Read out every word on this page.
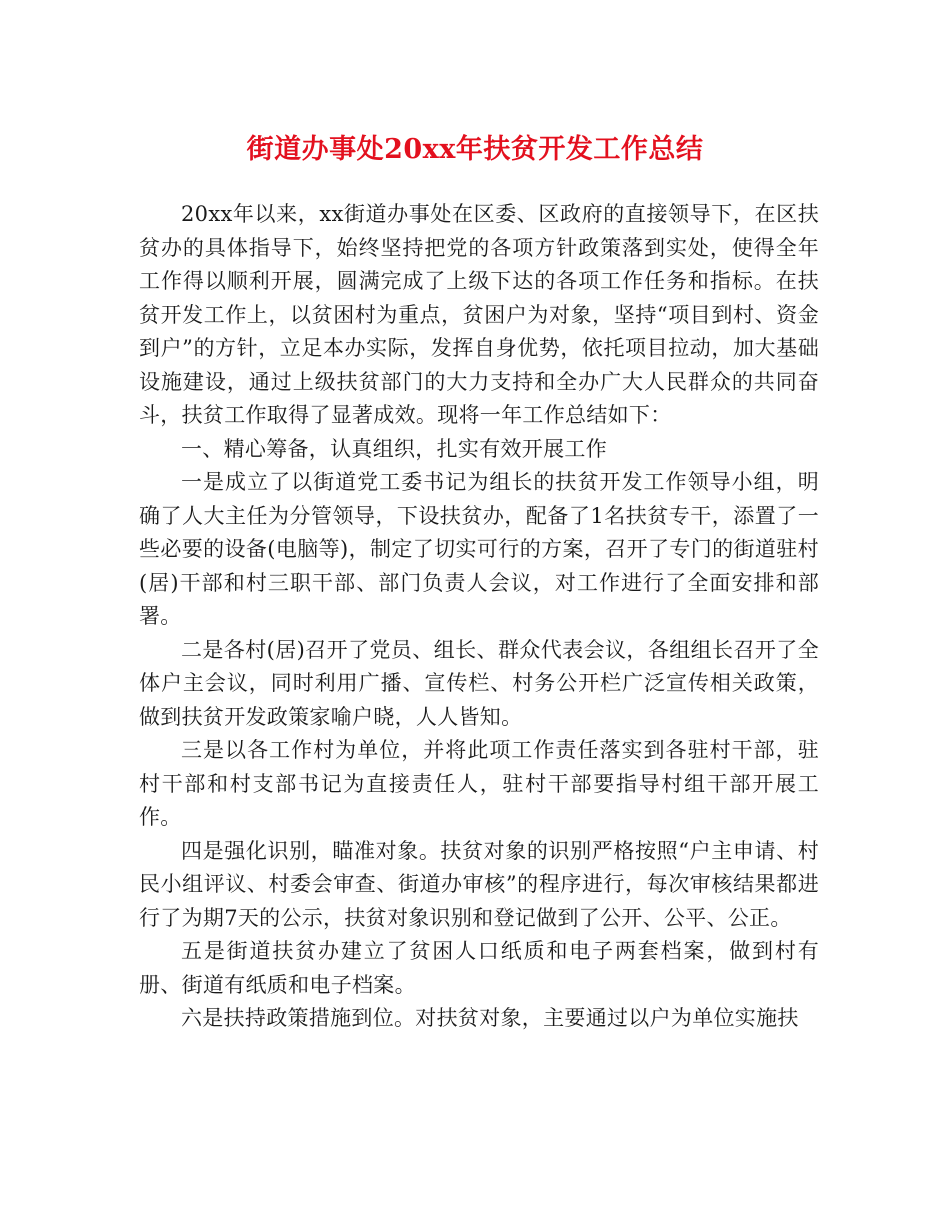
街道办事处20xx年扶贫开发工作总结

20xx年以来，xx街道办事处在区委、区政府的直接领导下，在区扶贫办的具体指导下，始终坚持把党的各项方针政策落到实处，使得全年工作得以顺利开展，圆满完成了上级下达的各项工作任务和指标。在扶贫开发工作上，以贫困村为重点，贫困户为对象，坚持“项目到村、资金到户”的方针，立足本办实际，发挥自身优势，依托项目拉动，加大基础设施建设，通过上级扶贫部门的大力支持和全办广大人民群众的共同奋斗，扶贫工作取得了显著成效。现将一年工作总结如下：

一、精心筹备，认真组织，扎实有效开展工作

一是成立了以街道党工委书记为组长的扶贫开发工作领导小组，明确了人大主任为分管领导，下设扶贫办，配备了1名扶贫专干，添置了一些必要的设备(电脑等)，制定了切实可行的方案，召开了专门的街道驻村(居)干部和村三职干部、部门负责人会议，对工作进行了全面安排和部署。

二是各村(居)召开了党员、组长、群众代表会议，各组组长召开了全体户主会议，同时利用广播、宣传栏、村务公开栏广泛宣传相关政策，做到扶贫开发政策家喻户晓，人人皆知。

三是以各工作村为单位，并将此项工作责任落实到各驻村干部，驻村干部和村支部书记为直接责任人，驻村干部要指导村组干部开展工作。

四是强化识别，瞄准对象。扶贫对象的识别严格按照“户主申请、村民小组评议、村委会审查、街道办审核”的程序进行，每次审核结果都进行了为期7天的公示，扶贫对象识别和登记做到了公开、公平、公正。

五是街道扶贫办建立了贫困人口纸质和电子两套档案，做到村有册、街道有纸质和电子档案。

六是扶持政策措施到位。对扶贫对象，主要通过以户为单位实施扶
